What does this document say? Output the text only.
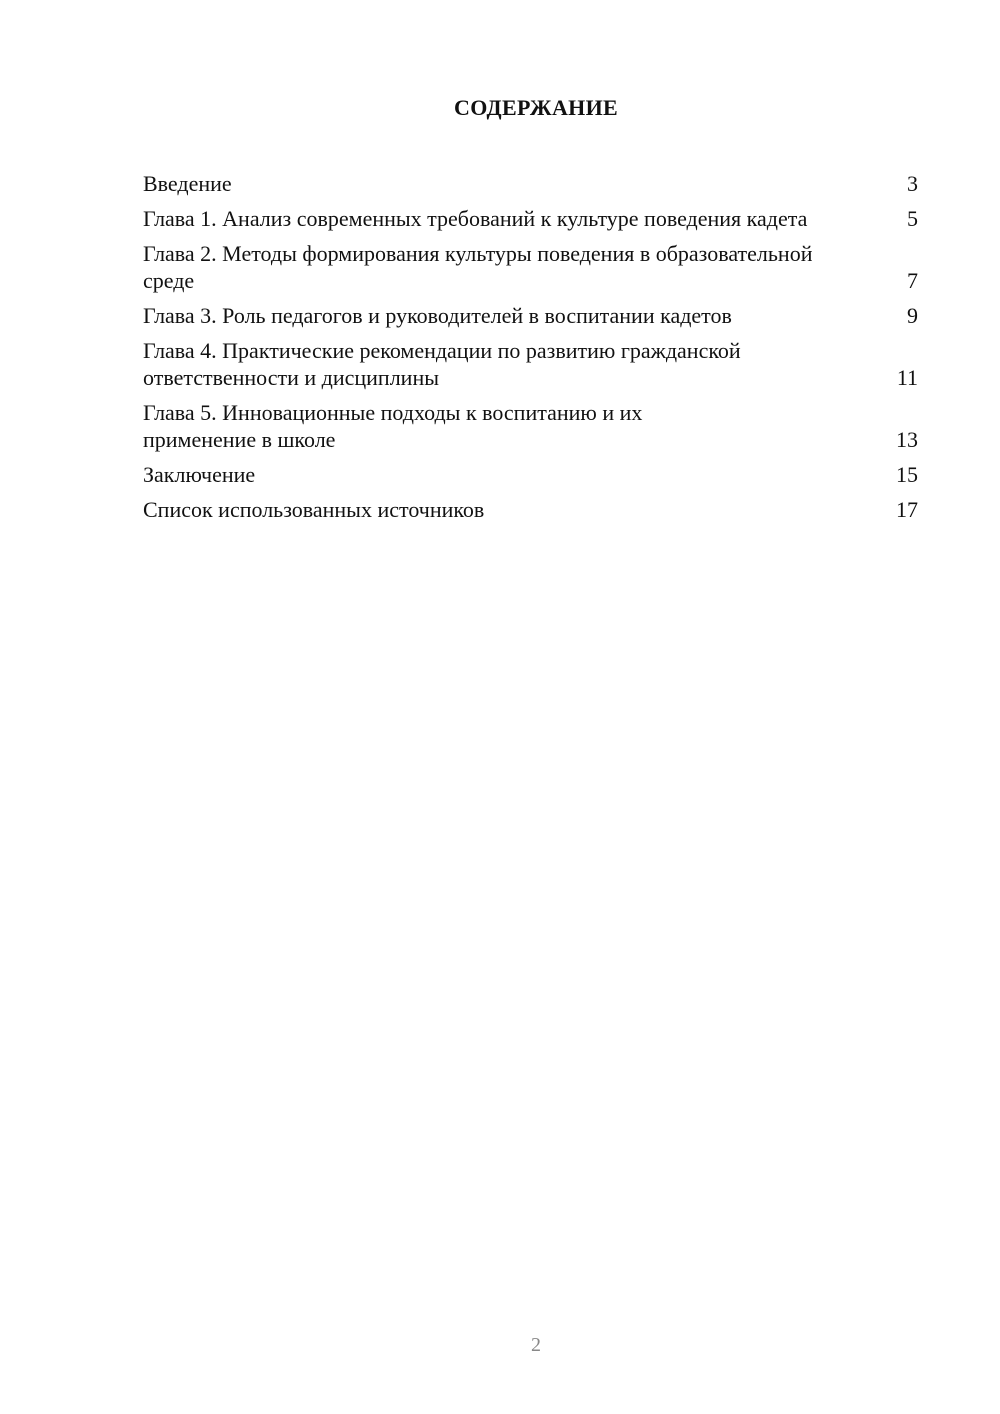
СОДЕРЖАНИЕ
Введение	3
Глава 1. Анализ современных требований к культуре поведения кадета	5
Глава 2. Методы формирования культуры поведения в образовательной среде	7
Глава 3. Роль педагогов и руководителей в воспитании кадетов	9
Глава 4. Практические рекомендации по развитию гражданской ответственности и дисциплины	11
Глава 5. Инновационные подходы к воспитанию и их применение в школе	13
Заключение	15
Список использованных источников	17
2
